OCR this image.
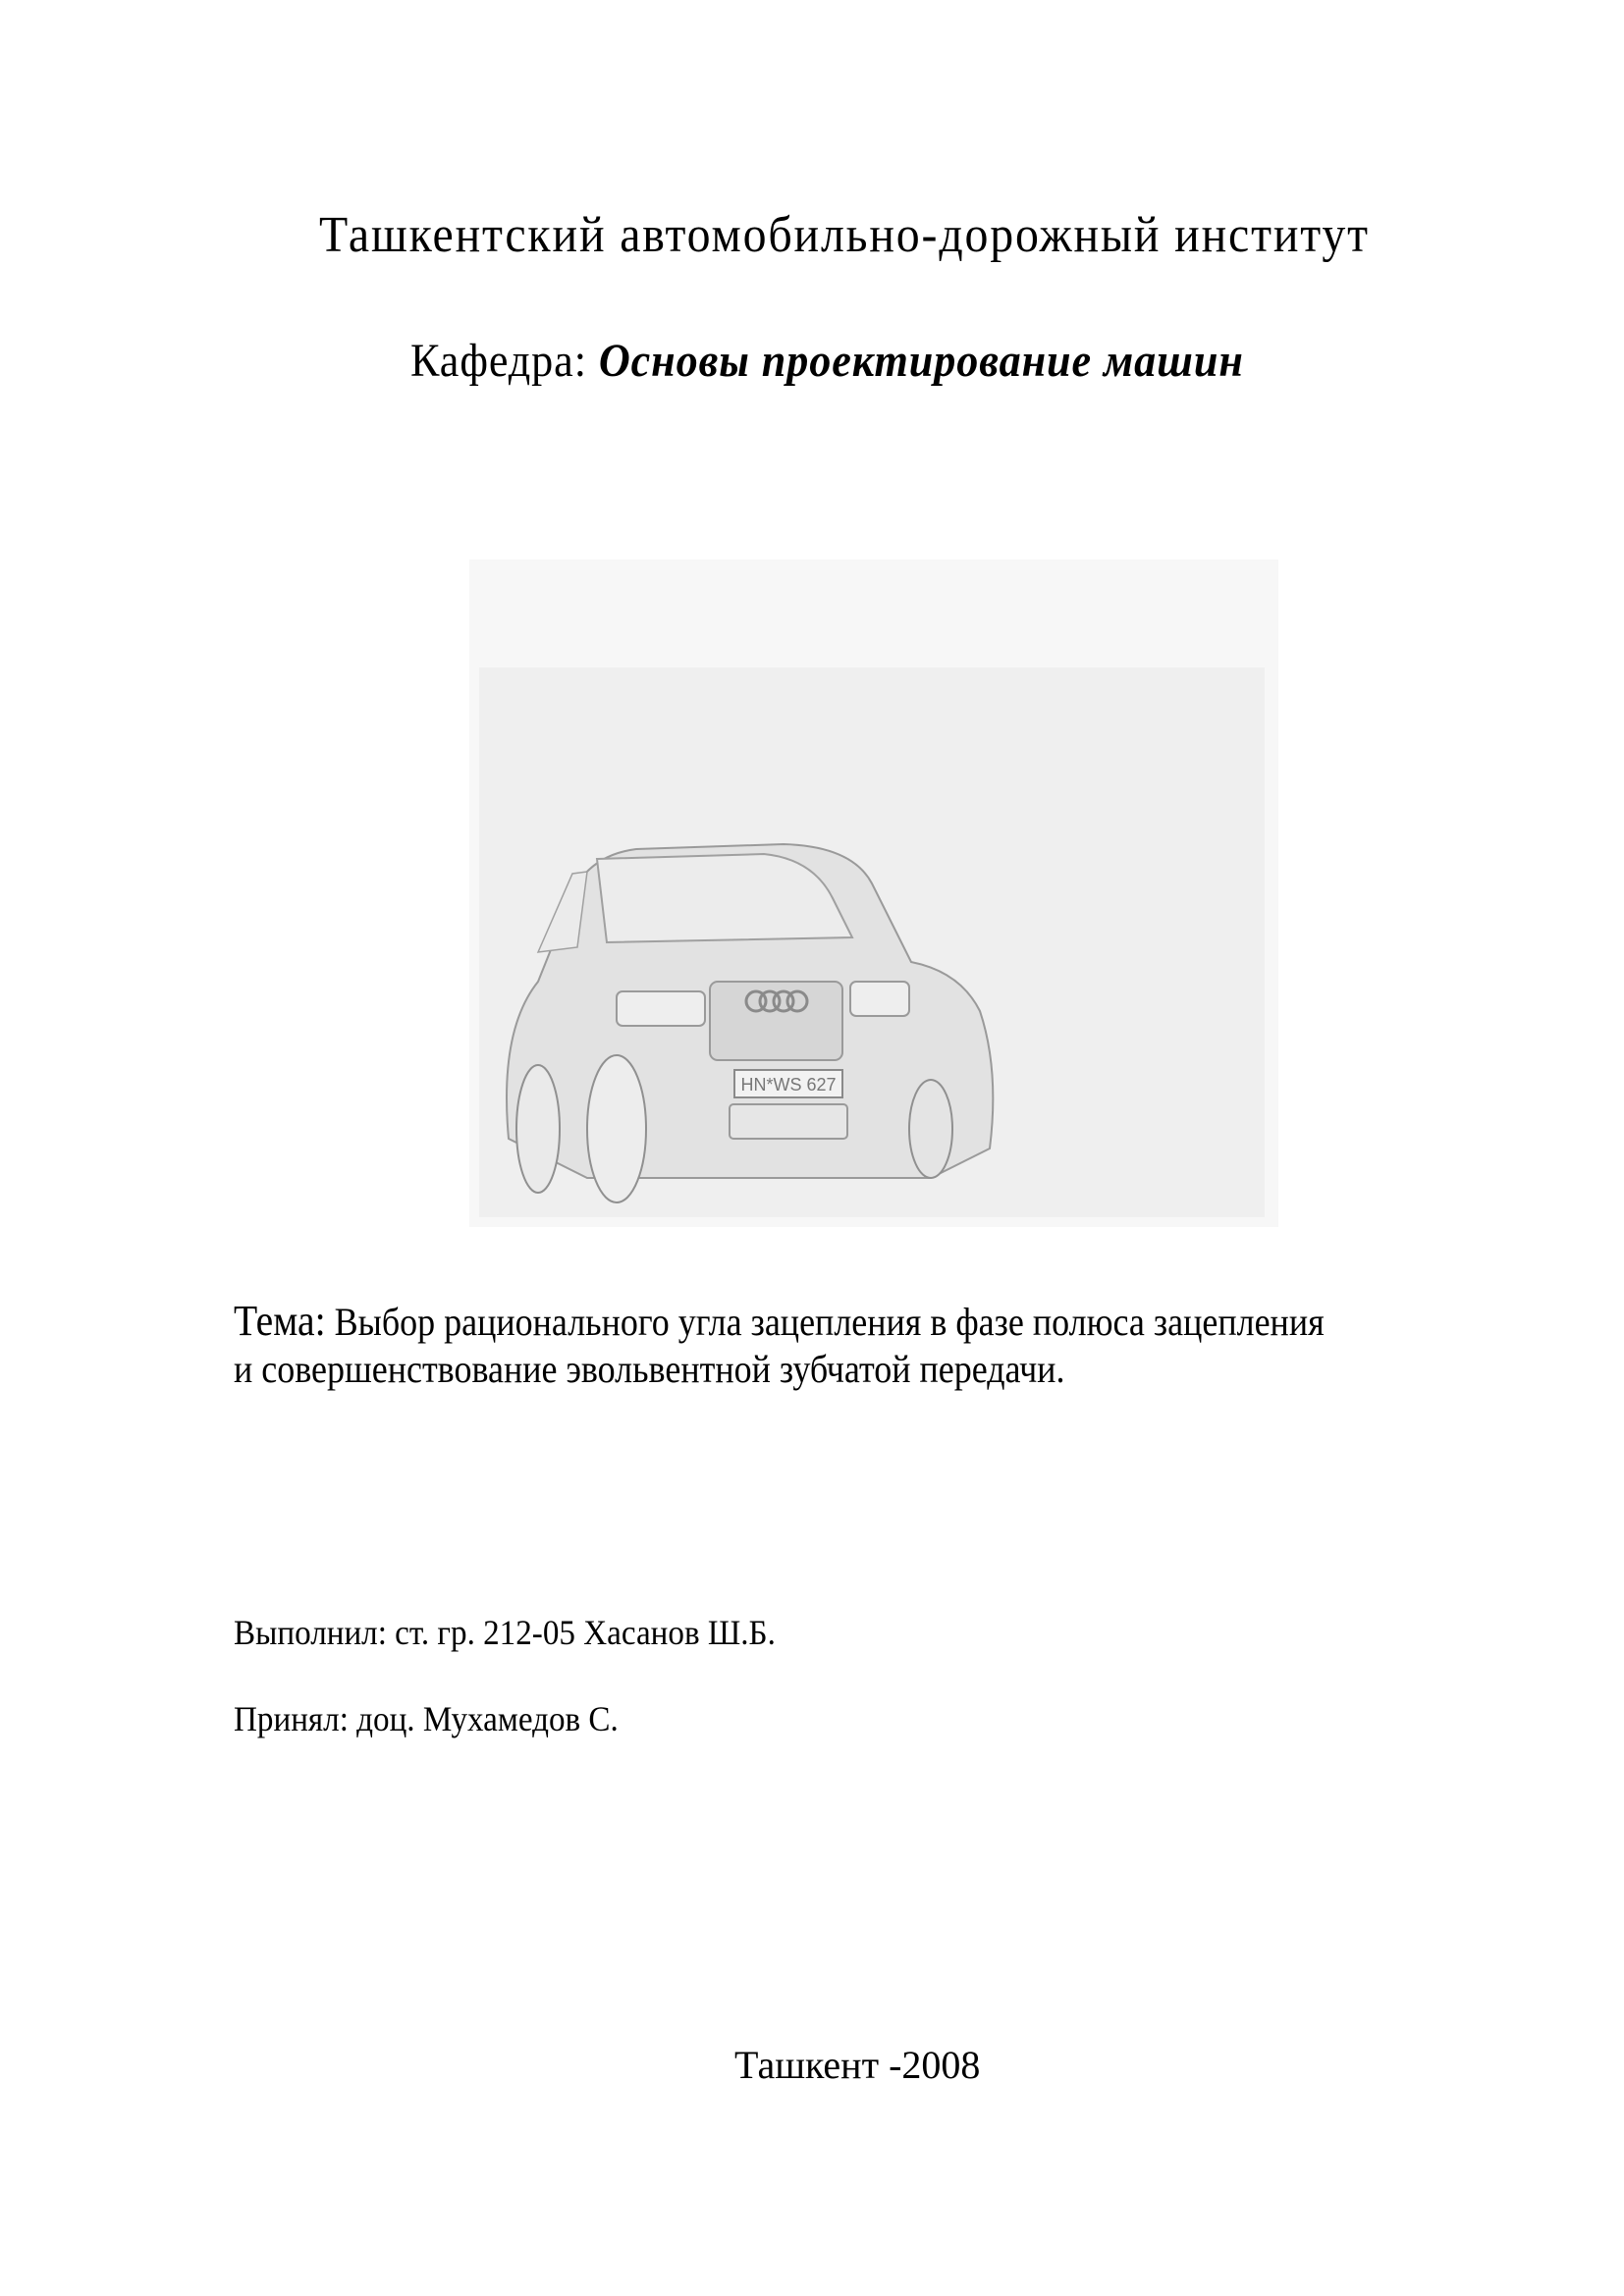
Ташкентский автомобильно-дорожный институт
Кафедра: Основы проектирование машин
HN*WS 627
Тема: Выбор рационального угла зацепления в фазе полюса зацепления
и совершенствование эвольвентной зубчатой передачи.
Выполнил: ст. гр. 212-05 Хасанов Ш.Б.
Принял: доц. Мухамедов С.
Ташкент -2008
